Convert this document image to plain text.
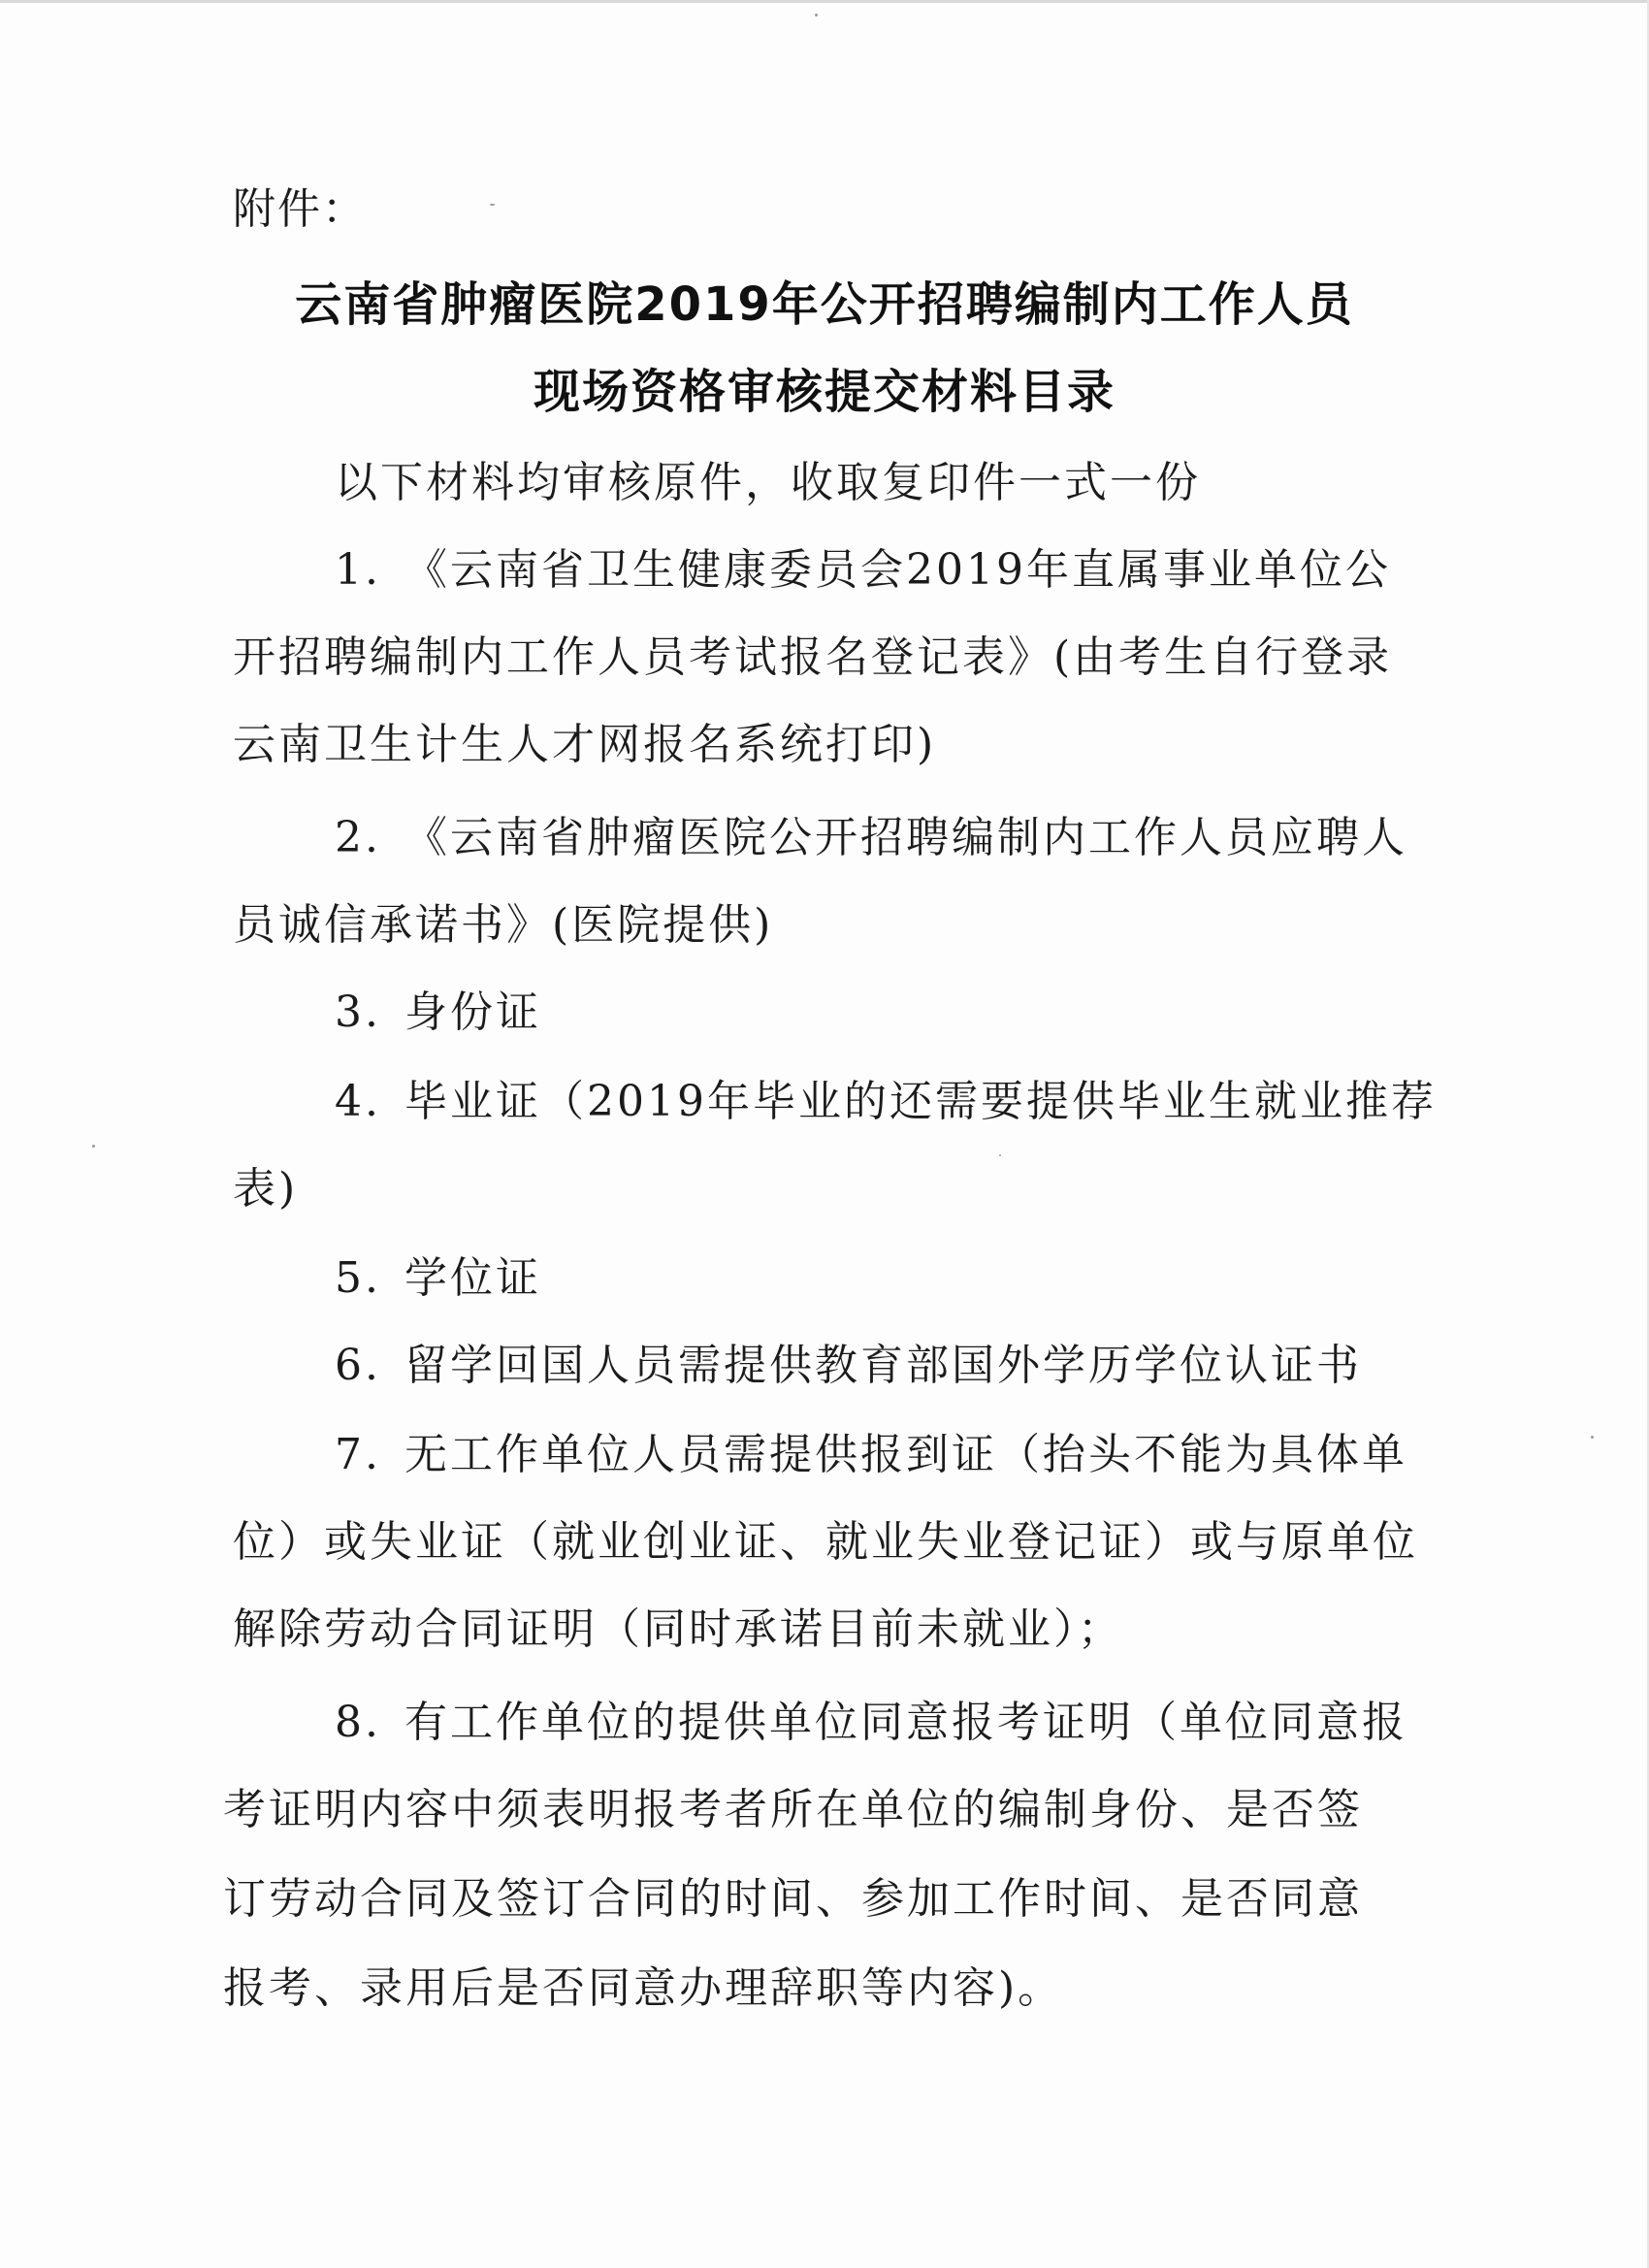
附件：
云南省肿瘤医院2019年公开招聘编制内工作人员
现场资格审核提交材料目录
以下材料均审核原件，收取复印件一式一份
1. 《云南省卫生健康委员会2019年直属事业单位公
开招聘编制内工作人员考试报名登记表》(由考生自行登录
云南卫生计生人才网报名系统打印)
2. 《云南省肿瘤医院公开招聘编制内工作人员应聘人
员诚信承诺书》(医院提供)
3. 身份证
4. 毕业证（2019年毕业的还需要提供毕业生就业推荐
表)
5. 学位证
6. 留学回国人员需提供教育部国外学历学位认证书
7. 无工作单位人员需提供报到证（抬头不能为具体单
位）或失业证（就业创业证、就业失业登记证）或与原单位
解除劳动合同证明（同时承诺目前未就业）；
8. 有工作单位的提供单位同意报考证明（单位同意报
考证明内容中须表明报考者所在单位的编制身份、是否签
订劳动合同及签订合同的时间、参加工作时间、是否同意
报考、录用后是否同意办理辞职等内容)。
